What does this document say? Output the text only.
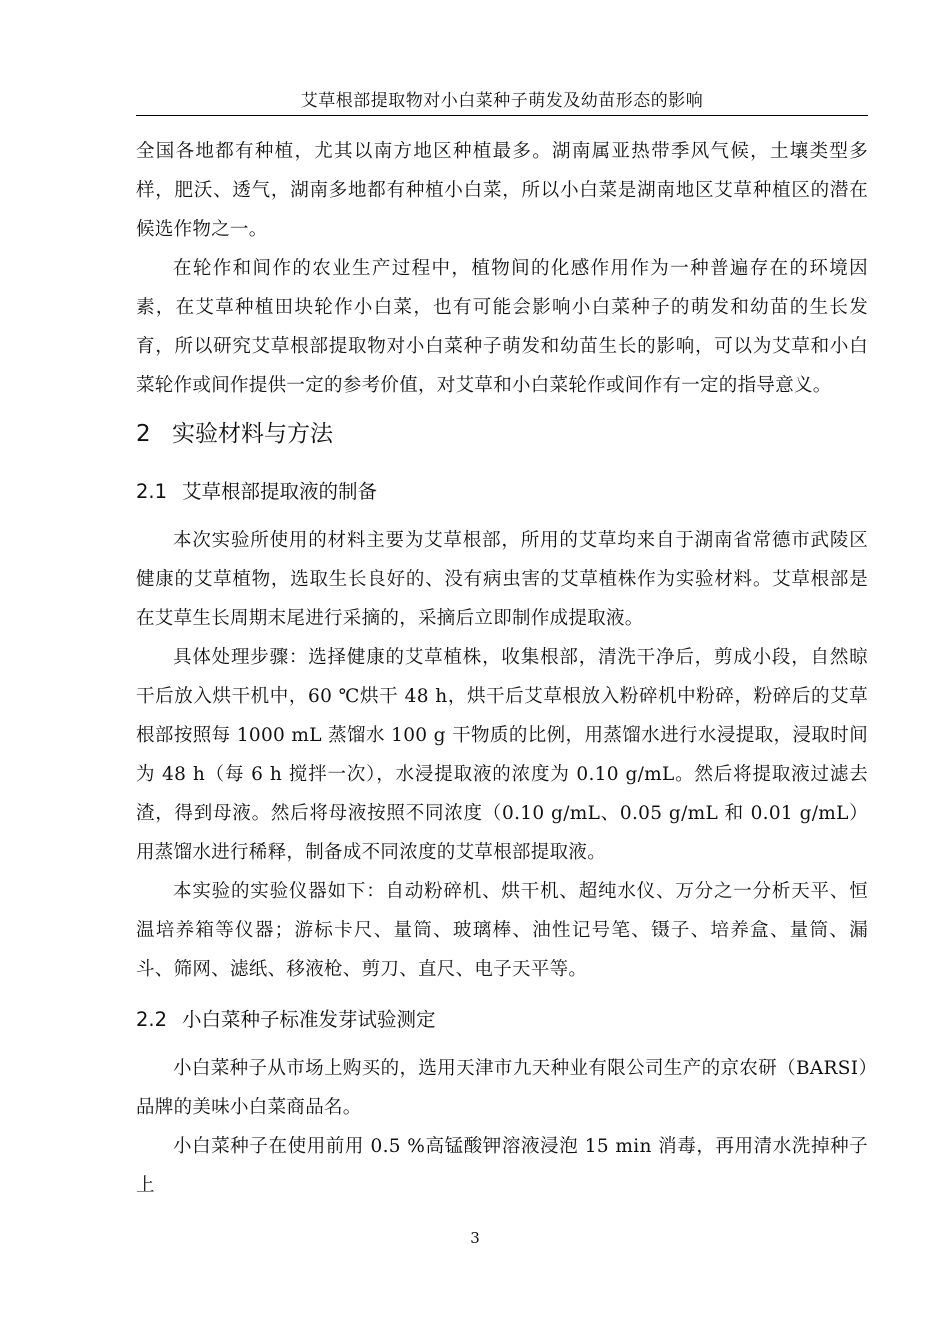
艾草根部提取物对小白菜种子萌发及幼苗形态的影响

全国各地都有种植，尤其以南方地区种植最多。湖南属亚热带季风气候，土壤类型多样，肥沃、透气，湖南多地都有种植小白菜，所以小白菜是湖南地区艾草种植区的潜在候选作物之一。

在轮作和间作的农业生产过程中，植物间的化感作用作为一种普遍存在的环境因素，在艾草种植田块轮作小白菜，也有可能会影响小白菜种子的萌发和幼苗的生长发育，所以研究艾草根部提取物对小白菜种子萌发和幼苗生长的影响，可以为艾草和小白菜轮作或间作提供一定的参考价值，对艾草和小白菜轮作或间作有一定的指导意义。

2 实验材料与方法
2.1 艾草根部提取液的制备

本次实验所使用的材料主要为艾草根部，所用的艾草均来自于湖南省常德市武陵区健康的艾草植物，选取生长良好的、没有病虫害的艾草植株作为实验材料。艾草根部是在艾草生长周期末尾进行采摘的，采摘后立即制作成提取液。

具体处理步骤：选择健康的艾草植株，收集根部，清洗干净后，剪成小段，自然晾干后放入烘干机中，60 ℃烘干 48 h，烘干后艾草根放入粉碎机中粉碎，粉碎后的艾草根部按照每 1000 mL 蒸馏水 100 g 干物质的比例，用蒸馏水进行水浸提取，浸取时间为 48 h（每 6 h 搅拌一次），水浸提取液的浓度为 0.10 g/mL。然后将提取液过滤去渣，得到母液。然后将母液按照不同浓度（0.10 g/mL、0.05 g/mL 和 0.01 g/mL）用蒸馏水进行稀释，制备成不同浓度的艾草根部提取液。

本实验的实验仪器如下：自动粉碎机、烘干机、超纯水仪、万分之一分析天平、恒温培养箱等仪器；游标卡尺、量筒、玻璃棒、油性记号笔、镊子、培养盒、量筒、漏斗、筛网、滤纸、移液枪、剪刀、直尺、电子天平等。

2.2 小白菜种子标准发芽试验测定

小白菜种子从市场上购买的，选用天津市九天种业有限公司生产的京农研（BARSI）品牌的美味小白菜商品名。

小白菜种子在使用前用 0.5 %高锰酸钾溶液浸泡 15 min 消毒，再用清水洗掉种子上

3
